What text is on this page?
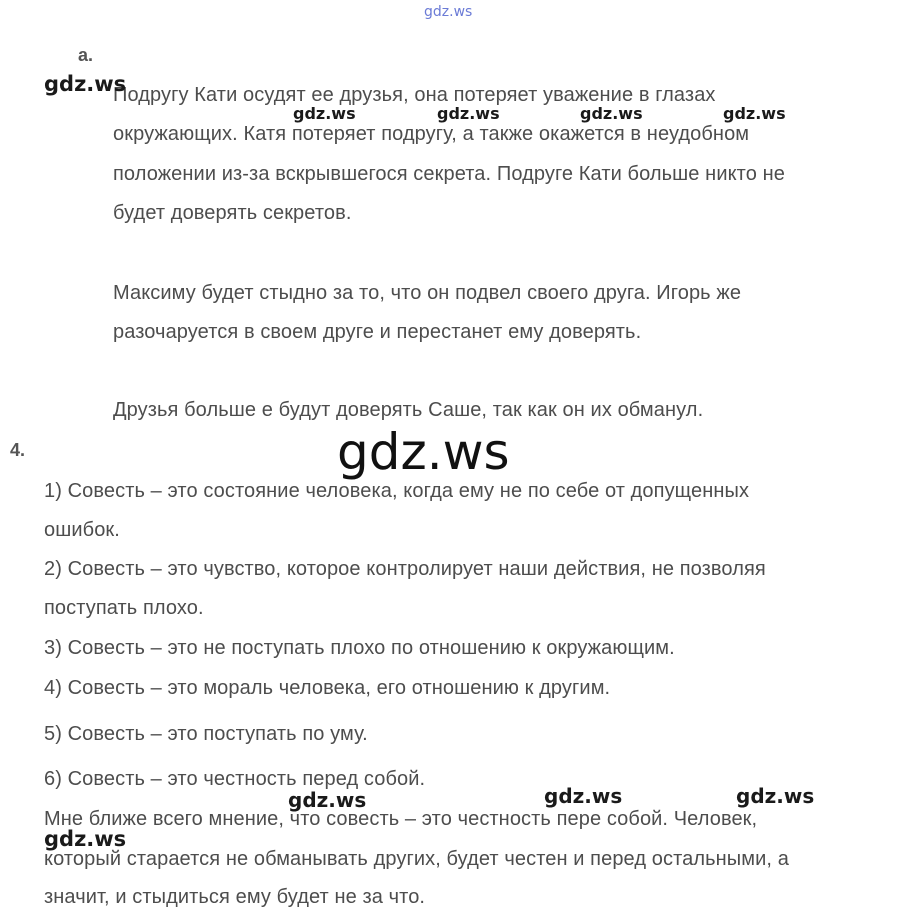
gdz.ws
а.
Подругу Кати осудят ее друзья, она потеряет уважение в глазах
окружающих. Катя потеряет подругу, а также окажется в неудобном
положении из-за вскрывшегося секрета. Подруге Кати больше никто не
будет доверять секретов.
Максиму будет стыдно за то, что он подвел своего друга. Игорь же
разочаруется в своем друге и перестанет ему доверять.
Друзья больше е будут доверять Саше, так как он их обманул.
4.
1) Совесть – это состояние человека, когда ему не по себе от допущенных
ошибок.
2) Совесть – это чувство, которое контролирует наши действия, не позволяя
поступать плохо.
3) Совесть – это не поступать плохо по отношению к окружающим.
4) Совесть – это мораль человека, его отношению к другим.
5) Совесть – это поступать по уму.
6) Совесть – это честность перед собой.
Мне ближе всего мнение, что совесть – это честность пере собой. Человек,
который старается не обманывать других, будет честен и перед остальными, а
значит, и стыдиться ему будет не за что.
gdz.ws
gdz.ws	gdz.ws	gdz.ws	gdz.ws
gdz.ws
gdz.ws	gdz.ws	gdz.ws
gdz.ws
